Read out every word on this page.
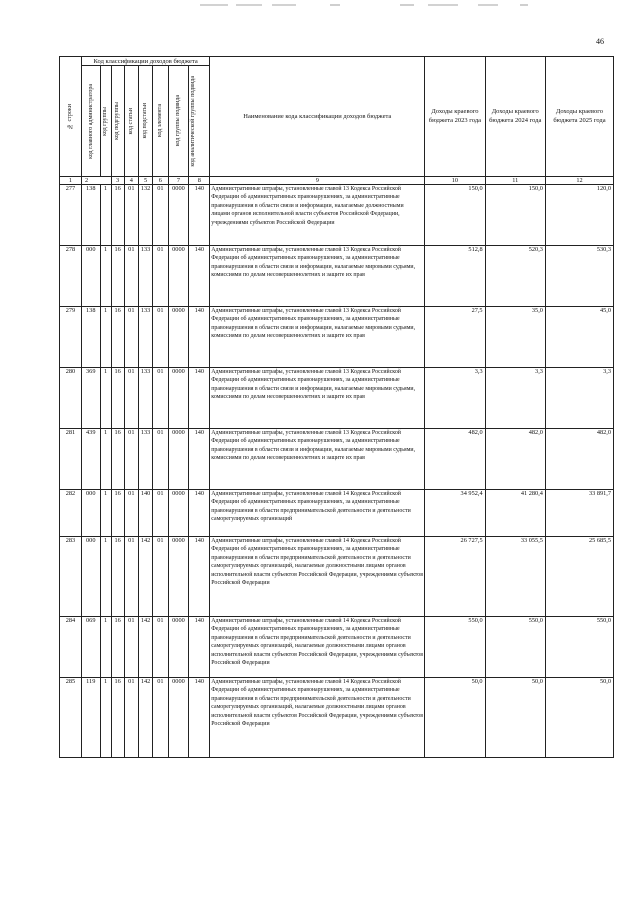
46
№ строки	Код классификации доходов бюджета								Наименование кода классификации доходов бюджета	Доходы краевого бюджета 2023 года	Доходы краевого бюджета 2024 года	Доходы краевого бюджета 2025 года

	код главного администратора	код группы	код подгруппы	код статьи	код подстатьи	код элемента	код группы подвида	код аналитической группы подвида				

1	2		3	4	5	6	7	8	9	10	11	12
277	138	1	16	01	132	01	0000	140	Административные штрафы, установленные главой 13 Кодекса Российской Федерации об административных правонарушениях, за административные правонарушения в области связи и информации, налагаемые должностными лицами органов исполнительной власти субъектов Российской Федерации, учреждениями субъектов Российской Федерации	150,0	150,0	120,0
278	000	1	16	01	133	01	0000	140	Административные штрафы, установленные главой 13 Кодекса Российской Федерации об административных правонарушениях, за административные правонарушения в области связи и информации, налагаемые мировыми судьями, комиссиями по делам несовершеннолетних и защите их прав	512,8	520,3	530,3
279	138	1	16	01	133	01	0000	140	Административные штрафы, установленные главой 13 Кодекса Российской Федерации об административных правонарушениях, за административные правонарушения в области связи и информации, налагаемые мировыми судьями, комиссиями по делам несовершеннолетних и защите их прав	27,5	35,0	45,0
280	369	1	16	01	133	01	0000	140	Административные штрафы, установленные главой 13 Кодекса Российской Федерации об административных правонарушениях, за административные правонарушения в области связи и информации, налагаемые мировыми судьями, комиссиями по делам несовершеннолетних и защите их прав	3,3	3,3	3,3
281	439	1	16	01	133	01	0000	140	Административные штрафы, установленные главой 13 Кодекса Российской Федерации об административных правонарушениях, за административные правонарушения в области связи и информации, налагаемые мировыми судьями, комиссиями по делам несовершеннолетних и защите их прав	482,0	482,0	482,0
282	000	1	16	01	140	01	0000	140	Административные штрафы, установленные главой 14 Кодекса Российской Федерации об административных правонарушениях, за административные правонарушения в области предпринимательской деятельности и деятельности саморегулируемых организаций	34 952,4	41 280,4	33 891,7
283	000	1	16	01	142	01	0000	140	Административные штрафы, установленные главой 14 Кодекса Российской Федерации об административных правонарушениях, за административные правонарушения в области предпринимательской деятельности и деятельности саморегулируемых организаций, налагаемые должностными лицами органов исполнительной власти субъектов Российской Федерации, учреждениями субъектов Российской Федерации	26 727,5	33 055,5	25 685,5
284	069	1	16	01	142	01	0000	140	Административные штрафы, установленные главой 14 Кодекса Российской Федерации об административных правонарушениях, за административные правонарушения в области предпринимательской деятельности и деятельности саморегулируемых организаций, налагаемые должностными лицами органов исполнительной власти субъектов Российской Федерации, учреждениями субъектов Российской Федерации	550,0	550,0	550,0
285	119	1	16	01	142	01	0000	140	Административные штрафы, установленные главой 14 Кодекса Российской Федерации об административных правонарушениях, за административные правонарушения в области предпринимательской деятельности и деятельности саморегулируемых организаций, налагаемые должностными лицами органов исполнительной власти субъектов Российской Федерации, учреждениями субъектов Российской Федерации	50,0	50,0	50,0
